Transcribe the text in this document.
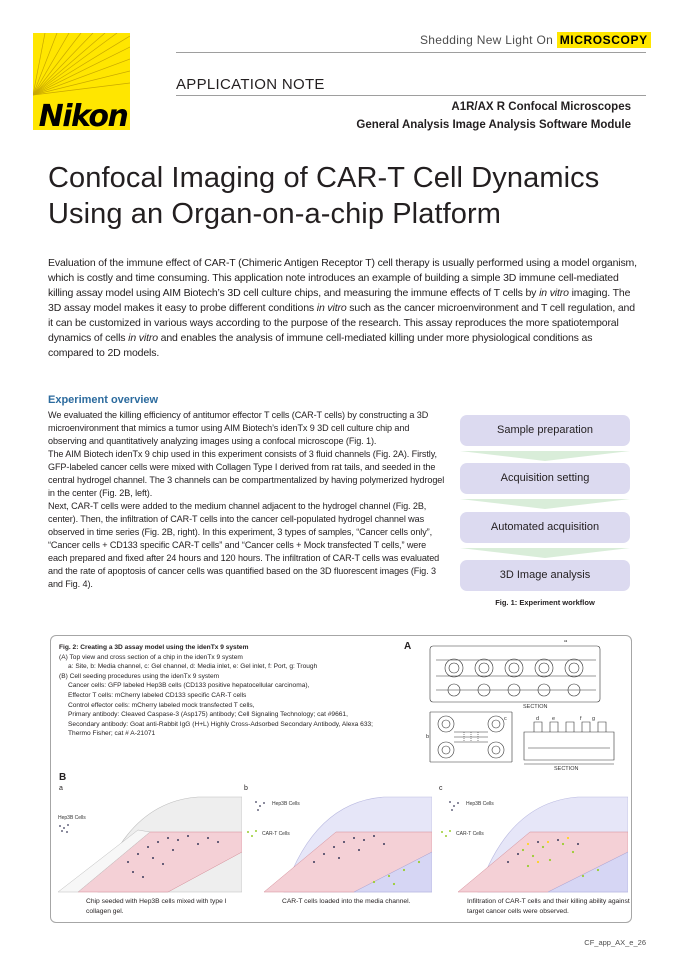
Nikon
Shedding New Light On MICROSCOPY
APPLICATION NOTE
A1R/AX R Confocal Microscopes
General Analysis Image Analysis Software Module
Confocal Imaging of CAR-T Cell Dynamics
Using an Organ-on-a-chip Platform

Evaluation of the immune effect of CAR-T (Chimeric Antigen Receptor T) cell therapy is usually performed using a model organism, which is costly and time consuming. This application note introduces an example of building a simple 3D immune cell-mediated killing assay model using AIM Biotech’s 3D cell culture chips, and measuring the immune effects of T cells by in vitro imaging. The 3D assay model makes it easy to probe different conditions in vitro such as the cancer microenvironment and T cell regulation, and it can be customized in various ways according to the purpose of the research. This assay reproduces the more spatiotemporal dynamics of cells in vitro and enables the analysis of immune cell-mediated killing under more physiological conditions as compared to 2D models.

Experiment overview
We evaluated the killing efficiency of antitumor effector T cells (CAR-T cells) by constructing a 3D microenvironment that mimics a tumor using AIM Biotech’s idenTx 9 3D cell culture chip and observing and quantitatively analyzing images using a confocal microscope (Fig. 1).
The AIM Biotech idenTx 9 chip used in this experiment consists of 3 fluid channels (Fig. 2A). Firstly, GFP-labeled cancer cells were mixed with Collagen Type I derived from rat tails, and seeded in the central hydrogel channel. The 3 channels can be compartmentalized by having polymerized hydrogel in the center (Fig. 2B, left).
Next, CAR-T cells were added to the medium channel adjacent to the hydrogel channel (Fig. 2B, center). Then, the infiltration of CAR-T cells into the cancer cell-populated hydrogel channel was observed in time series (Fig. 2B, right). In this experiment, 3 types of samples, “Cancer cells only”, “Cancer cells + CD133 specific CAR-T cells” and “Cancer cells + Mock transfected T cells,” were each prepared and fixed after 24 hours and 120 hours. The infiltration of CAR-T cells was evaluated and the rate of apoptosis of cancer cells was quantified based on the 3D fluorescent images (Fig. 3 and Fig. 4).
Sample preparation
Acquisition setting
Automated acquisition
3D Image analysis
Fig. 1: Experiment workflow
Fig. 2: Creating a 3D assay model using the idenTx 9 system
(A) Top view and cross section of a chip in the idenTx 9 system
a: Site, b: Media channel, c: Gel channel, d: Media inlet, e: Gel inlet, f: Port, g: Trough
(B) Cell seeding procedures using the idenTx 9 system
Cancer cells: GFP labeled Hep3B cells (CD133 positive hepatocellular carcinoma),
Effector T cells: mCherry labeled CD133 specific CAR-T cells
Control effector cells: mCherry labeled mock transfected T cells,
Primary antibody: Cleaved Caspase-3 (Asp175) antibody; Cell Signaling Technology; cat #9661,
Secondary antibody: Goat anti-Rabbit IgG (H+L) Highly Cross-Adsorbed Secondary Antibody, Alexa 633;
Thermo Fisher; cat # A-21071
A
SECTION
SECTION
a
b
c	d e	f g
B
a	b	c
Hep3B Cells
Hep3B Cells
CAR-T Cells
Hep3B Cells
CAR-T Cells
Chip seeded with Hep3B cells mixed with type I collagen gel.
CAR-T cells loaded into the media channel.	Infiltration of CAR-T cells and their killing ability against target cancer cells were observed.
CF_app_AX_e_26
